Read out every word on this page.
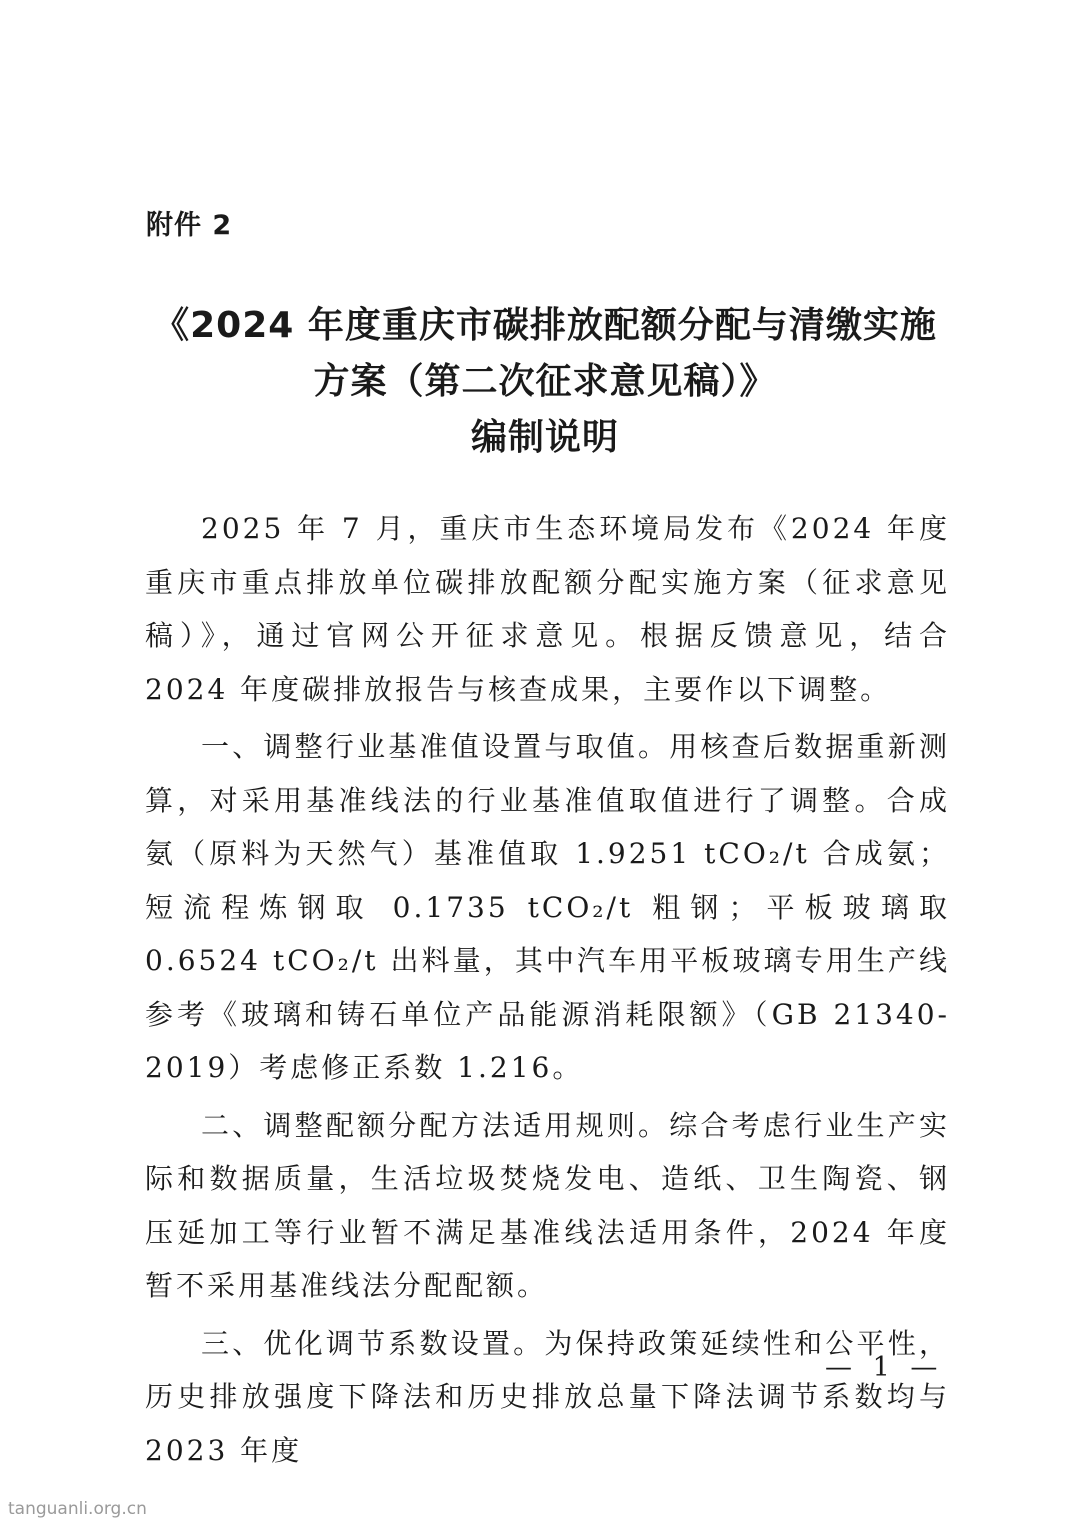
附件 2
《2024 年度重庆市碳排放配额分配与清缴实施
方案（第二次征求意见稿）》
编制说明

2025 年 7 月，重庆市生态环境局发布《2024 年度重庆市重点排放单位碳排放配额分配实施方案（征求意见稿）》，通过官网公开征求意见。根据反馈意见，结合 2024 年度碳排放报告与核查成果，主要作以下调整。

一、调整行业基准值设置与取值。用核查后数据重新测算，对采用基准线法的行业基准值取值进行了调整。合成氨（原料为天然气）基准值取 1.9251 tCO₂/t 合成氨；短流程炼钢取 0.1735 tCO₂/t 粗钢；平板玻璃取 0.6524 tCO₂/t 出料量，其中汽车用平板玻璃专用生产线参考《玻璃和铸石单位产品能源消耗限额》（GB 21340-2019）考虑修正系数 1.216。

二、调整配额分配方法适用规则。综合考虑行业生产实际和数据质量，生活垃圾焚烧发电、造纸、卫生陶瓷、钢压延加工等行业暂不满足基准线法适用条件，2024 年度暂不采用基准线法分配配额。

三、优化调节系数设置。为保持政策延续性和公平性，历史排放强度下降法和历史排放总量下降法调节系数均与 2023 年度

— 1 —
tanguanli.org.cn
